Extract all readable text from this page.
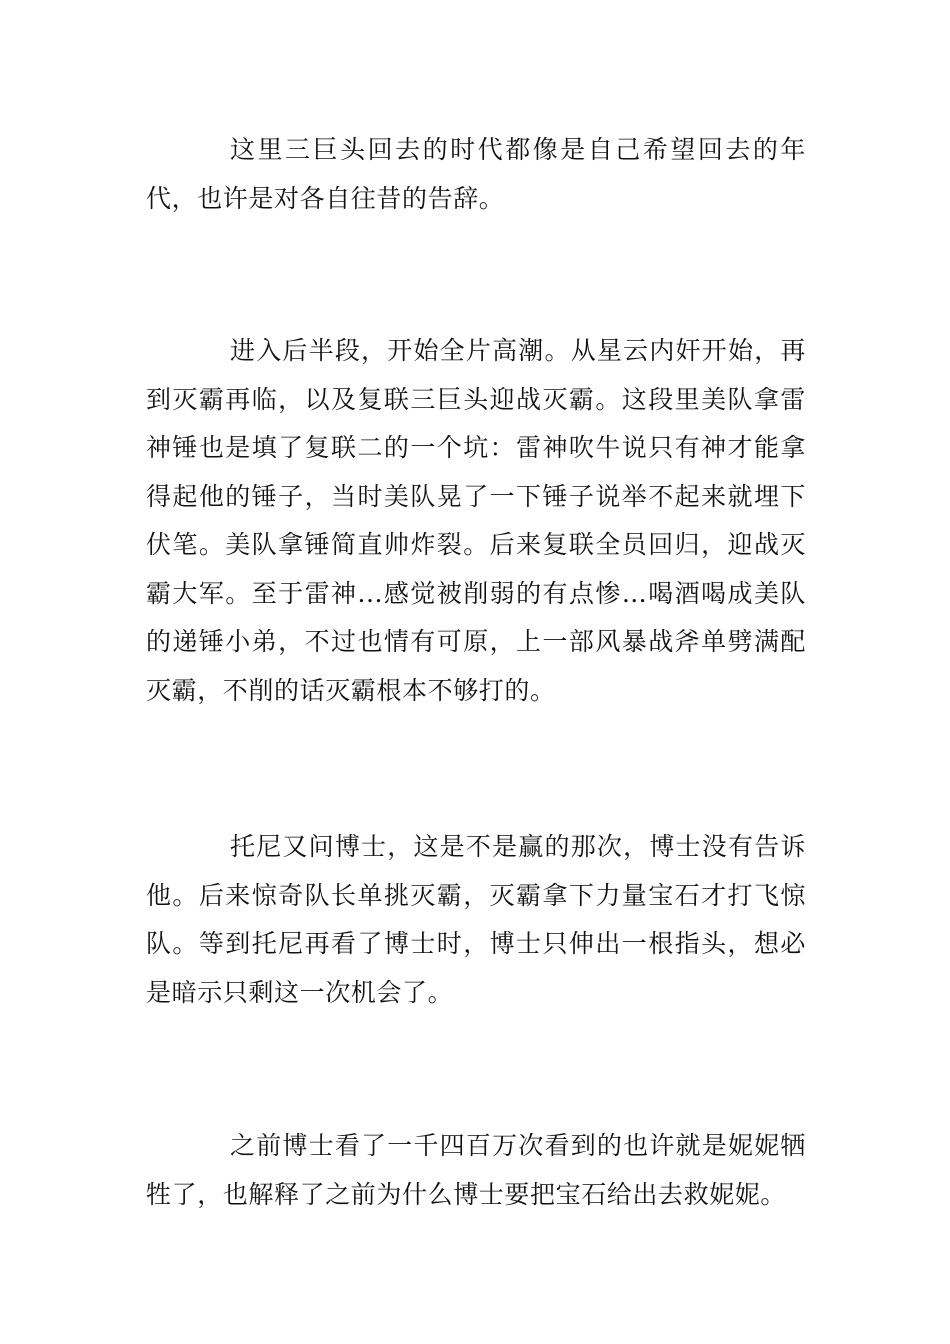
这里三巨头回去的时代都像是自己希望回去的年代，也许是对各自往昔的告辞。

进入后半段，开始全片高潮。从星云内奸开始，再到灭霸再临，以及复联三巨头迎战灭霸。这段里美队拿雷神锤也是填了复联二的一个坑：雷神吹牛说只有神才能拿得起他的锤子，当时美队晃了一下锤子说举不起来就埋下伏笔。美队拿锤简直帅炸裂。后来复联全员回归，迎战灭霸大军。至于雷神...感觉被削弱的有点惨…喝酒喝成美队的递锤小弟，不过也情有可原，上一部风暴战斧单劈满配灭霸，不削的话灭霸根本不够打的。

托尼又问博士，这是不是赢的那次，博士没有告诉他。后来惊奇队长单挑灭霸，灭霸拿下力量宝石才打飞惊队。等到托尼再看了博士时，博士只伸出一根指头，想必是暗示只剩这一次机会了。

之前博士看了一千四百万次看到的也许就是妮妮牺牲了，也解释了之前为什么博士要把宝石给出去救妮妮。
